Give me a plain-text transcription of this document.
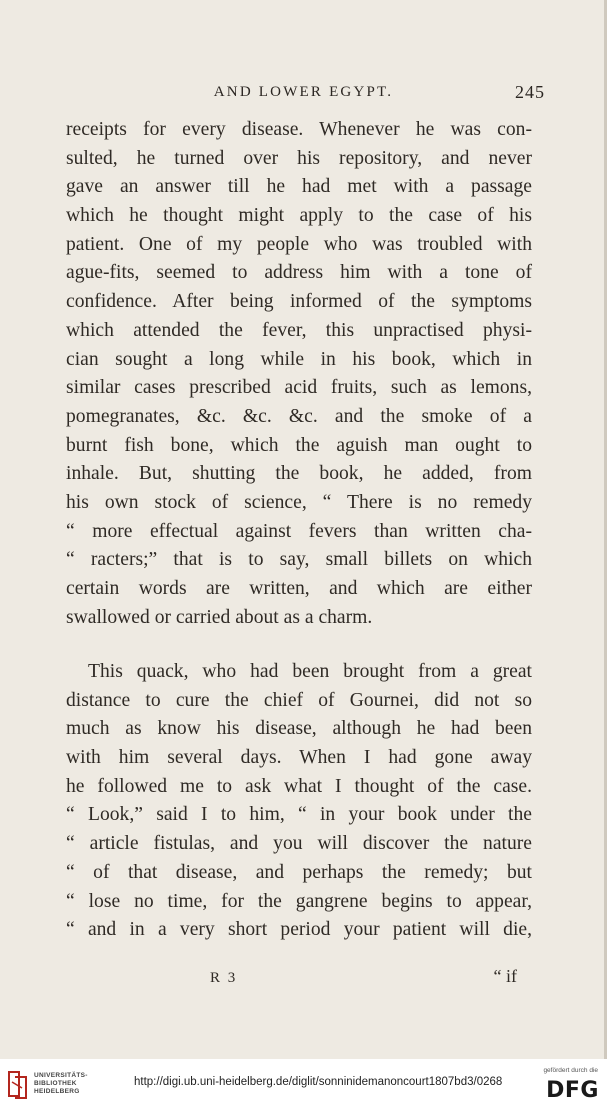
AND LOWER EGYPT.	245
receipts for every disease. Whenever he was con-
sulted, he turned over his repository, and never
gave an answer till he had met with a passage
which he thought might apply to the case of his
patient. One of my people who was troubled with
ague-fits, seemed to address him with a tone of
confidence. After being informed of the symptoms
which attended the fever, this unpractised physi-
cian sought a long while in his book, which in
similar cases prescribed acid fruits, such as lemons,
pomegranates, &c. &c. &c. and the smoke of a
burnt fish bone, which the aguish man ought to
inhale. But, shutting the book, he added, from
his own stock of science, “ There is no remedy
“ more effectual against fevers than written cha-
“ racters;” that is to say, small billets on which
certain words are written, and which are either
swallowed or carried about as a charm.
This quack, who had been brought from a great
distance to cure the chief of Gournei, did not so
much as know his disease, although he had been
with him several days. When I had gone away
he followed me to ask what I thought of the case.
“ Look,” said I to him, “ in your book under the
“ article fistulas, and you will discover the nature
“ of that disease, and perhaps the remedy; but
“ lose no time, for the gangrene begins to appear,
“ and in a very short period your patient will die,
R 3	“ if
UNIVERSITÄTS-
BIBLIOTHEK
HEIDELBERG
http://digi.ub.uni-heidelberg.de/diglit/sonninidemanoncourt1807bd3/0268
gefördert durch die
DFG
